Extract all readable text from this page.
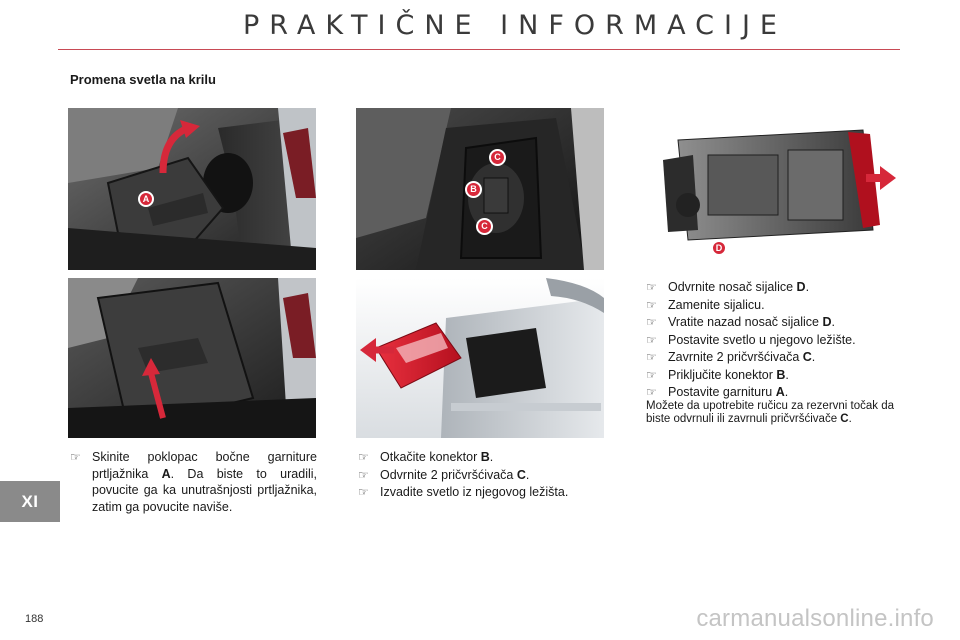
PRAKTIČNE INFORMACIJE
Promena svetla na krilu
A
C
B
C
D
☞ Skinite poklopac bočne garniture prtljažnika A. Da biste to uradili, povucite ga ka unutrašnjosti prtljažnika, zatim ga povucite naviše.
☞ Otkačite konektor B.
☞ Odvrnite 2 pričvršćivača C.
☞ Izvadite svetlo iz njegovog ležišta.
☞ Odvrnite nosač sijalice D.
☞ Zamenite sijalicu.
☞ Vratite nazad nosač sijalice D.
☞ Postavite svetlo u njegovo ležište.
☞ Zavrnite 2 pričvršćivača C.
☞ Priključite konektor B.
☞ Postavite garnituru A.
Možete da upotrebite ručicu za rezervni točak da biste odvrnuli ili zavrnuli pričvršćivače C.
XI
188	carmanualsonline.info
